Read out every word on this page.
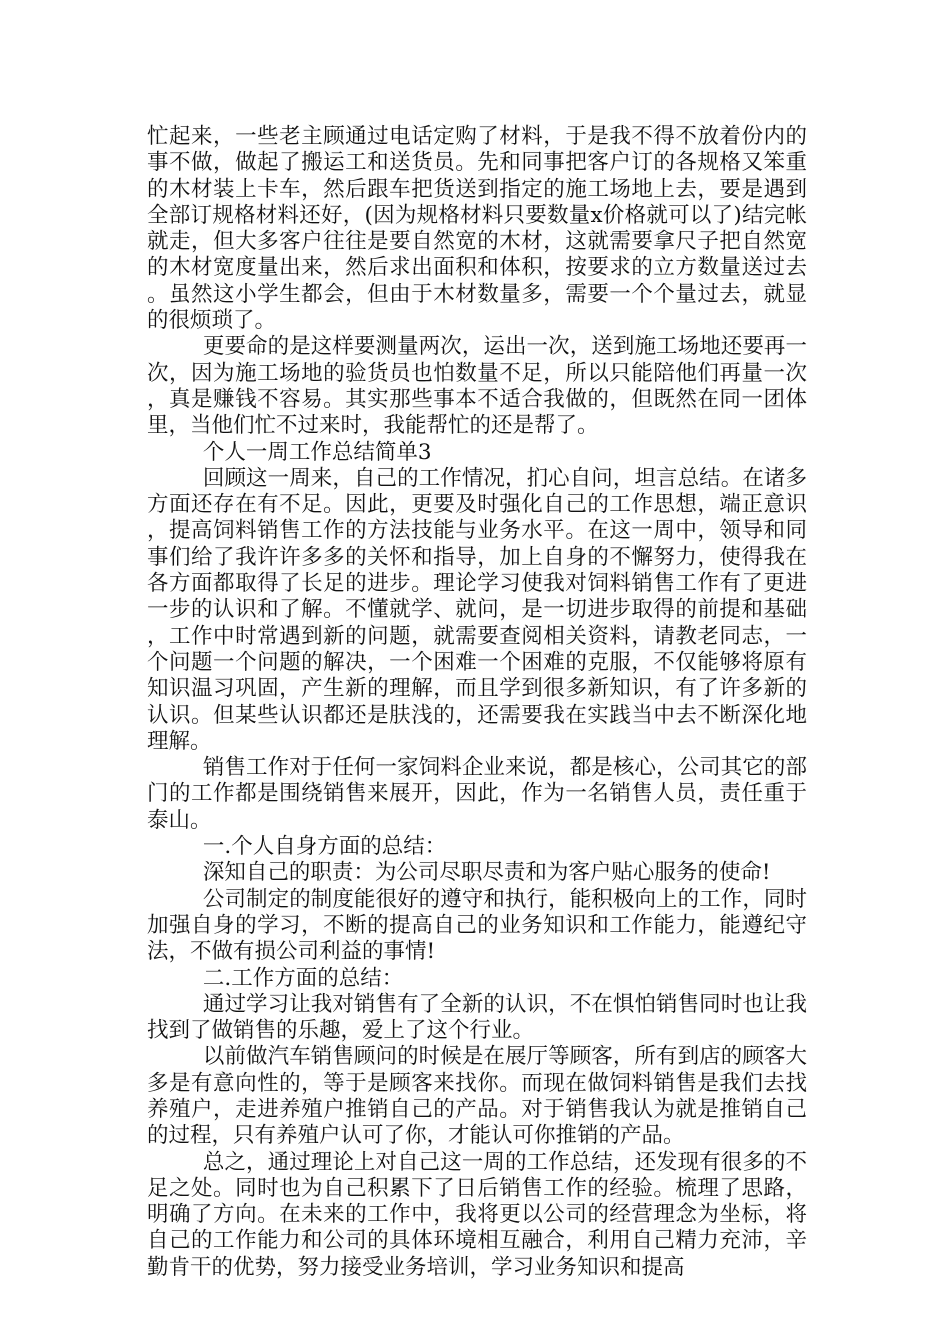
忙起来，一些老主顾通过电话定购了材料，于是我不得不放着份内的事不做，做起了搬运工和送货员。先和同事把客户订的各规格又笨重的木材装上卡车，然后跟车把货送到指定的施工场地上去，要是遇到全部订规格材料还好，(因为规格材料只要数量x价格就可以了)结完帐就走，但大多客户往往是要自然宽的木材，这就需要拿尺子把自然宽的木材宽度量出来，然后求出面积和体积，按要求的立方数量送过去。虽然这小学生都会，但由于木材数量多，需要一个个量过去，就显的很烦琐了。

更要命的是这样要测量两次，运出一次，送到施工场地还要再一次，因为施工场地的验货员也怕数量不足，所以只能陪他们再量一次，真是赚钱不容易。其实那些事本不适合我做的，但既然在同一团体里，当他们忙不过来时，我能帮忙的还是帮了。

个人一周工作总结简单3

回顾这一周来，自己的工作情况，扪心自问，坦言总结。在诸多方面还存在有不足。因此，更要及时强化自己的工作思想，端正意识，提高饲料销售工作的方法技能与业务水平。在这一周中，领导和同事们给了我许许多多的关怀和指导，加上自身的不懈努力，使得我在各方面都取得了长足的进步。理论学习使我对饲料销售工作有了更进一步的认识和了解。不懂就学、就问，是一切进步取得的前提和基础，工作中时常遇到新的问题，就需要查阅相关资料，请教老同志，一个问题一个问题的解决，一个困难一个困难的克服，不仅能够将原有知识温习巩固，产生新的理解，而且学到很多新知识，有了许多新的认识。但某些认识都还是肤浅的，还需要我在实践当中去不断深化地理解。

销售工作对于任何一家饲料企业来说，都是核心，公司其它的部门的工作都是围绕销售来展开，因此，作为一名销售人员，责任重于泰山。

一.个人自身方面的总结：

深知自己的职责：为公司尽职尽责和为客户贴心服务的使命!

公司制定的制度能很好的遵守和执行，能积极向上的工作，同时加强自身的学习，不断的提高自己的业务知识和工作能力，能遵纪守法，不做有损公司利益的事情!

二.工作方面的总结：

通过学习让我对销售有了全新的认识，不在惧怕销售同时也让我找到了做销售的乐趣，爱上了这个行业。

以前做汽车销售顾问的时候是在展厅等顾客，所有到店的顾客大多是有意向性的，等于是顾客来找你。而现在做饲料销售是我们去找养殖户，走进养殖户推销自己的产品。对于销售我认为就是推销自己的过程，只有养殖户认可了你，才能认可你推销的产品。

总之，通过理论上对自己这一周的工作总结，还发现有很多的不足之处。同时也为自己积累下了日后销售工作的经验。梳理了思路，明确了方向。在未来的工作中，我将更以公司的经营理念为坐标，将自己的工作能力和公司的具体环境相互融合，利用自己精力充沛，辛勤肯干的优势，努力接受业务培训，学习业务知识和提高
